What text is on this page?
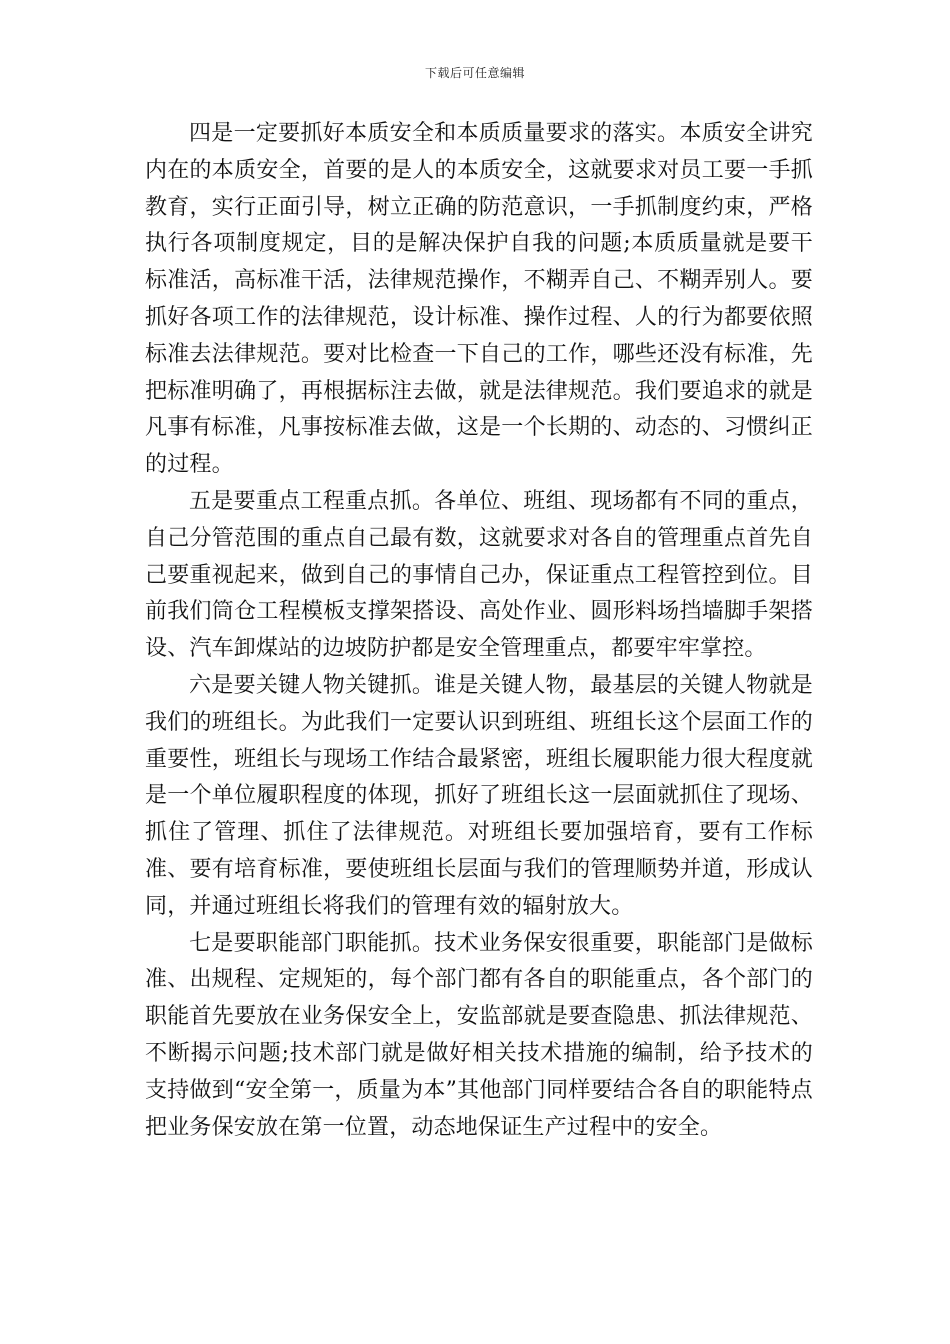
下载后可任意编辑

四是一定要抓好本质安全和本质质量要求的落实。本质安全讲究内在的本质安全，首要的是人的本质安全，这就要求对员工要一手抓教育，实行正面引导，树立正确的防范意识，一手抓制度约束，严格执行各项制度规定，目的是解决保护自我的问题;本质质量就是要干标准活，高标准干活，法律规范操作，不糊弄自己、不糊弄别人。要抓好各项工作的法律规范，设计标准、操作过程、人的行为都要依照标准去法律规范。要对比检查一下自己的工作，哪些还没有标准，先把标准明确了，再根据标注去做，就是法律规范。我们要追求的就是凡事有标准，凡事按标准去做，这是一个长期的、动态的、习惯纠正的过程。

五是要重点工程重点抓。各单位、班组、现场都有不同的重点，自己分管范围的重点自己最有数，这就要求对各自的管理重点首先自己要重视起来，做到自己的事情自己办，保证重点工程管控到位。目前我们筒仓工程模板支撑架搭设、高处作业、圆形料场挡墙脚手架搭设、汽车卸煤站的边坡防护都是安全管理重点，都要牢牢掌控。

六是要关键人物关键抓。谁是关键人物，最基层的关键人物就是我们的班组长。为此我们一定要认识到班组、班组长这个层面工作的重要性，班组长与现场工作结合最紧密，班组长履职能力很大程度就是一个单位履职程度的体现，抓好了班组长这一层面就抓住了现场、抓住了管理、抓住了法律规范。对班组长要加强培育，要有工作标准、要有培育标准，要使班组长层面与我们的管理顺势并道，形成认同，并通过班组长将我们的管理有效的辐射放大。

七是要职能部门职能抓。技术业务保安很重要，职能部门是做标准、出规程、定规矩的，每个部门都有各自的职能重点，各个部门的职能首先要放在业务保安全上，安监部就是要查隐患、抓法律规范、不断揭示问题;技术部门就是做好相关技术措施的编制，给予技术的支持做到“安全第一，质量为本”其他部门同样要结合各自的职能特点把业务保安放在第一位置，动态地保证生产过程中的安全。
